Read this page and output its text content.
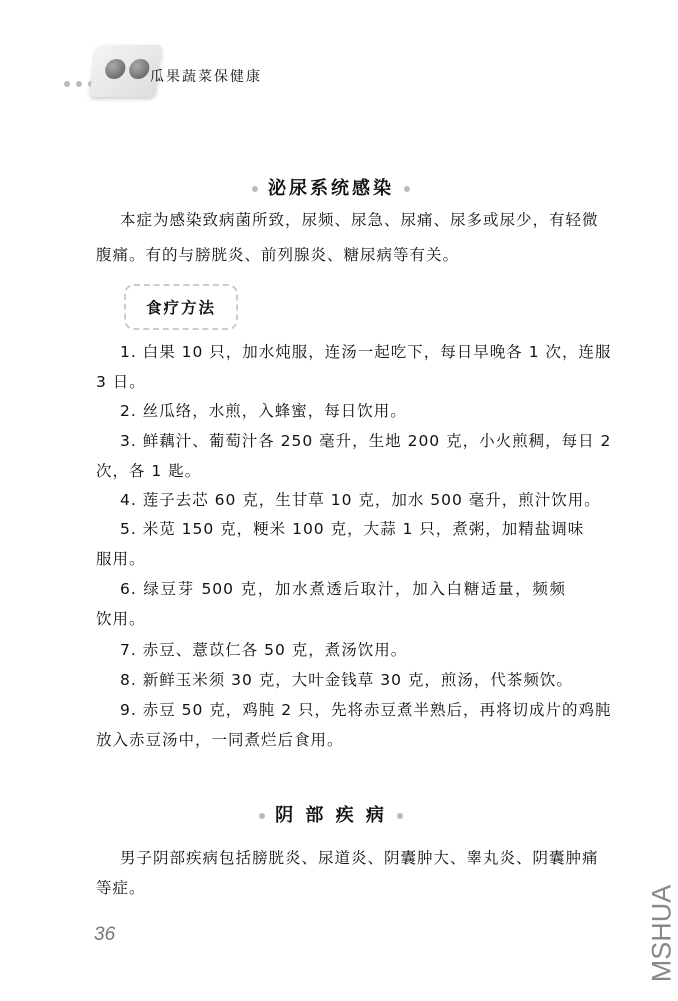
瓜果蔬菜保健康
泌尿系统感染
本症为感染致病菌所致，尿频、尿急、尿痛、尿多或尿少，有轻微
腹痛。有的与膀胱炎、前列腺炎、糖尿病等有关。
食疗方法
1. 白果 10 只，加水炖服，连汤一起吃下，每日早晚各 1 次，连服
3 日。
2. 丝瓜络，水煎，入蜂蜜，每日饮用。
3. 鲜藕汁、葡萄汁各 250 毫升，生地 200 克，小火煎稠，每日 2
次，各 1 匙。
4. 莲子去芯 60 克，生甘草 10 克，加水 500 毫升，煎汁饮用。
5. 米苋 150 克，粳米 100 克，大蒜 1 只，煮粥，加精盐调味
服用。
6. 绿豆芽 500 克，加水煮透后取汁，加入白糖适量，频频
饮用。
7. 赤豆、薏苡仁各 50 克，煮汤饮用。
8. 新鲜玉米须 30 克，大叶金钱草 30 克，煎汤，代茶频饮。
9. 赤豆 50 克，鸡肫 2 只，先将赤豆煮半熟后，再将切成片的鸡肫
放入赤豆汤中，一同煮烂后食用。
阴 部 疾 病
男子阴部疾病包括膀胱炎、尿道炎、阴囊肿大、睾丸炎、阴囊肿痛
等症。
36	MSHUA
